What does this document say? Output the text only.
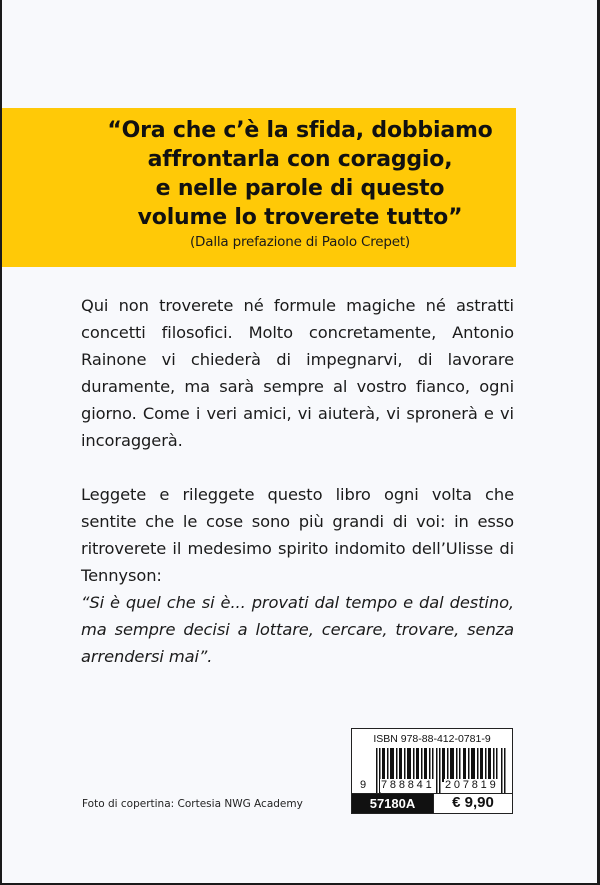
“Ora che c’è la sfida, dobbiamo
affrontarla con coraggio,
e nelle parole di questo
volume lo troverete tutto”
(Dalla prefazione di Paolo Crepet)

Qui non troverete né formule magiche né astratti concetti filosofici. Molto concretamente, Antonio Rainone vi chiederà di impegnarvi, di lavorare duramente, ma sarà sempre al vostro fianco, ogni giorno. Come i veri amici, vi aiuterà, vi spronerà e vi incoraggerà.

Leggete e rileggete questo libro ogni volta che sentite che le cose sono più grandi di voi: in esso ritroverete il medesimo spirito indomito dell’Ulisse di Tennyson:

“Si è quel che si è... provati dal tempo e dal destino, ma sempre decisi a lottare, cercare, trovare, senza arrendersi mai”.

Foto di copertina: Cortesia NWG Academy
ISBN 978-88-412-0781-9
9 788841 207819
57180A	€ 9,90
